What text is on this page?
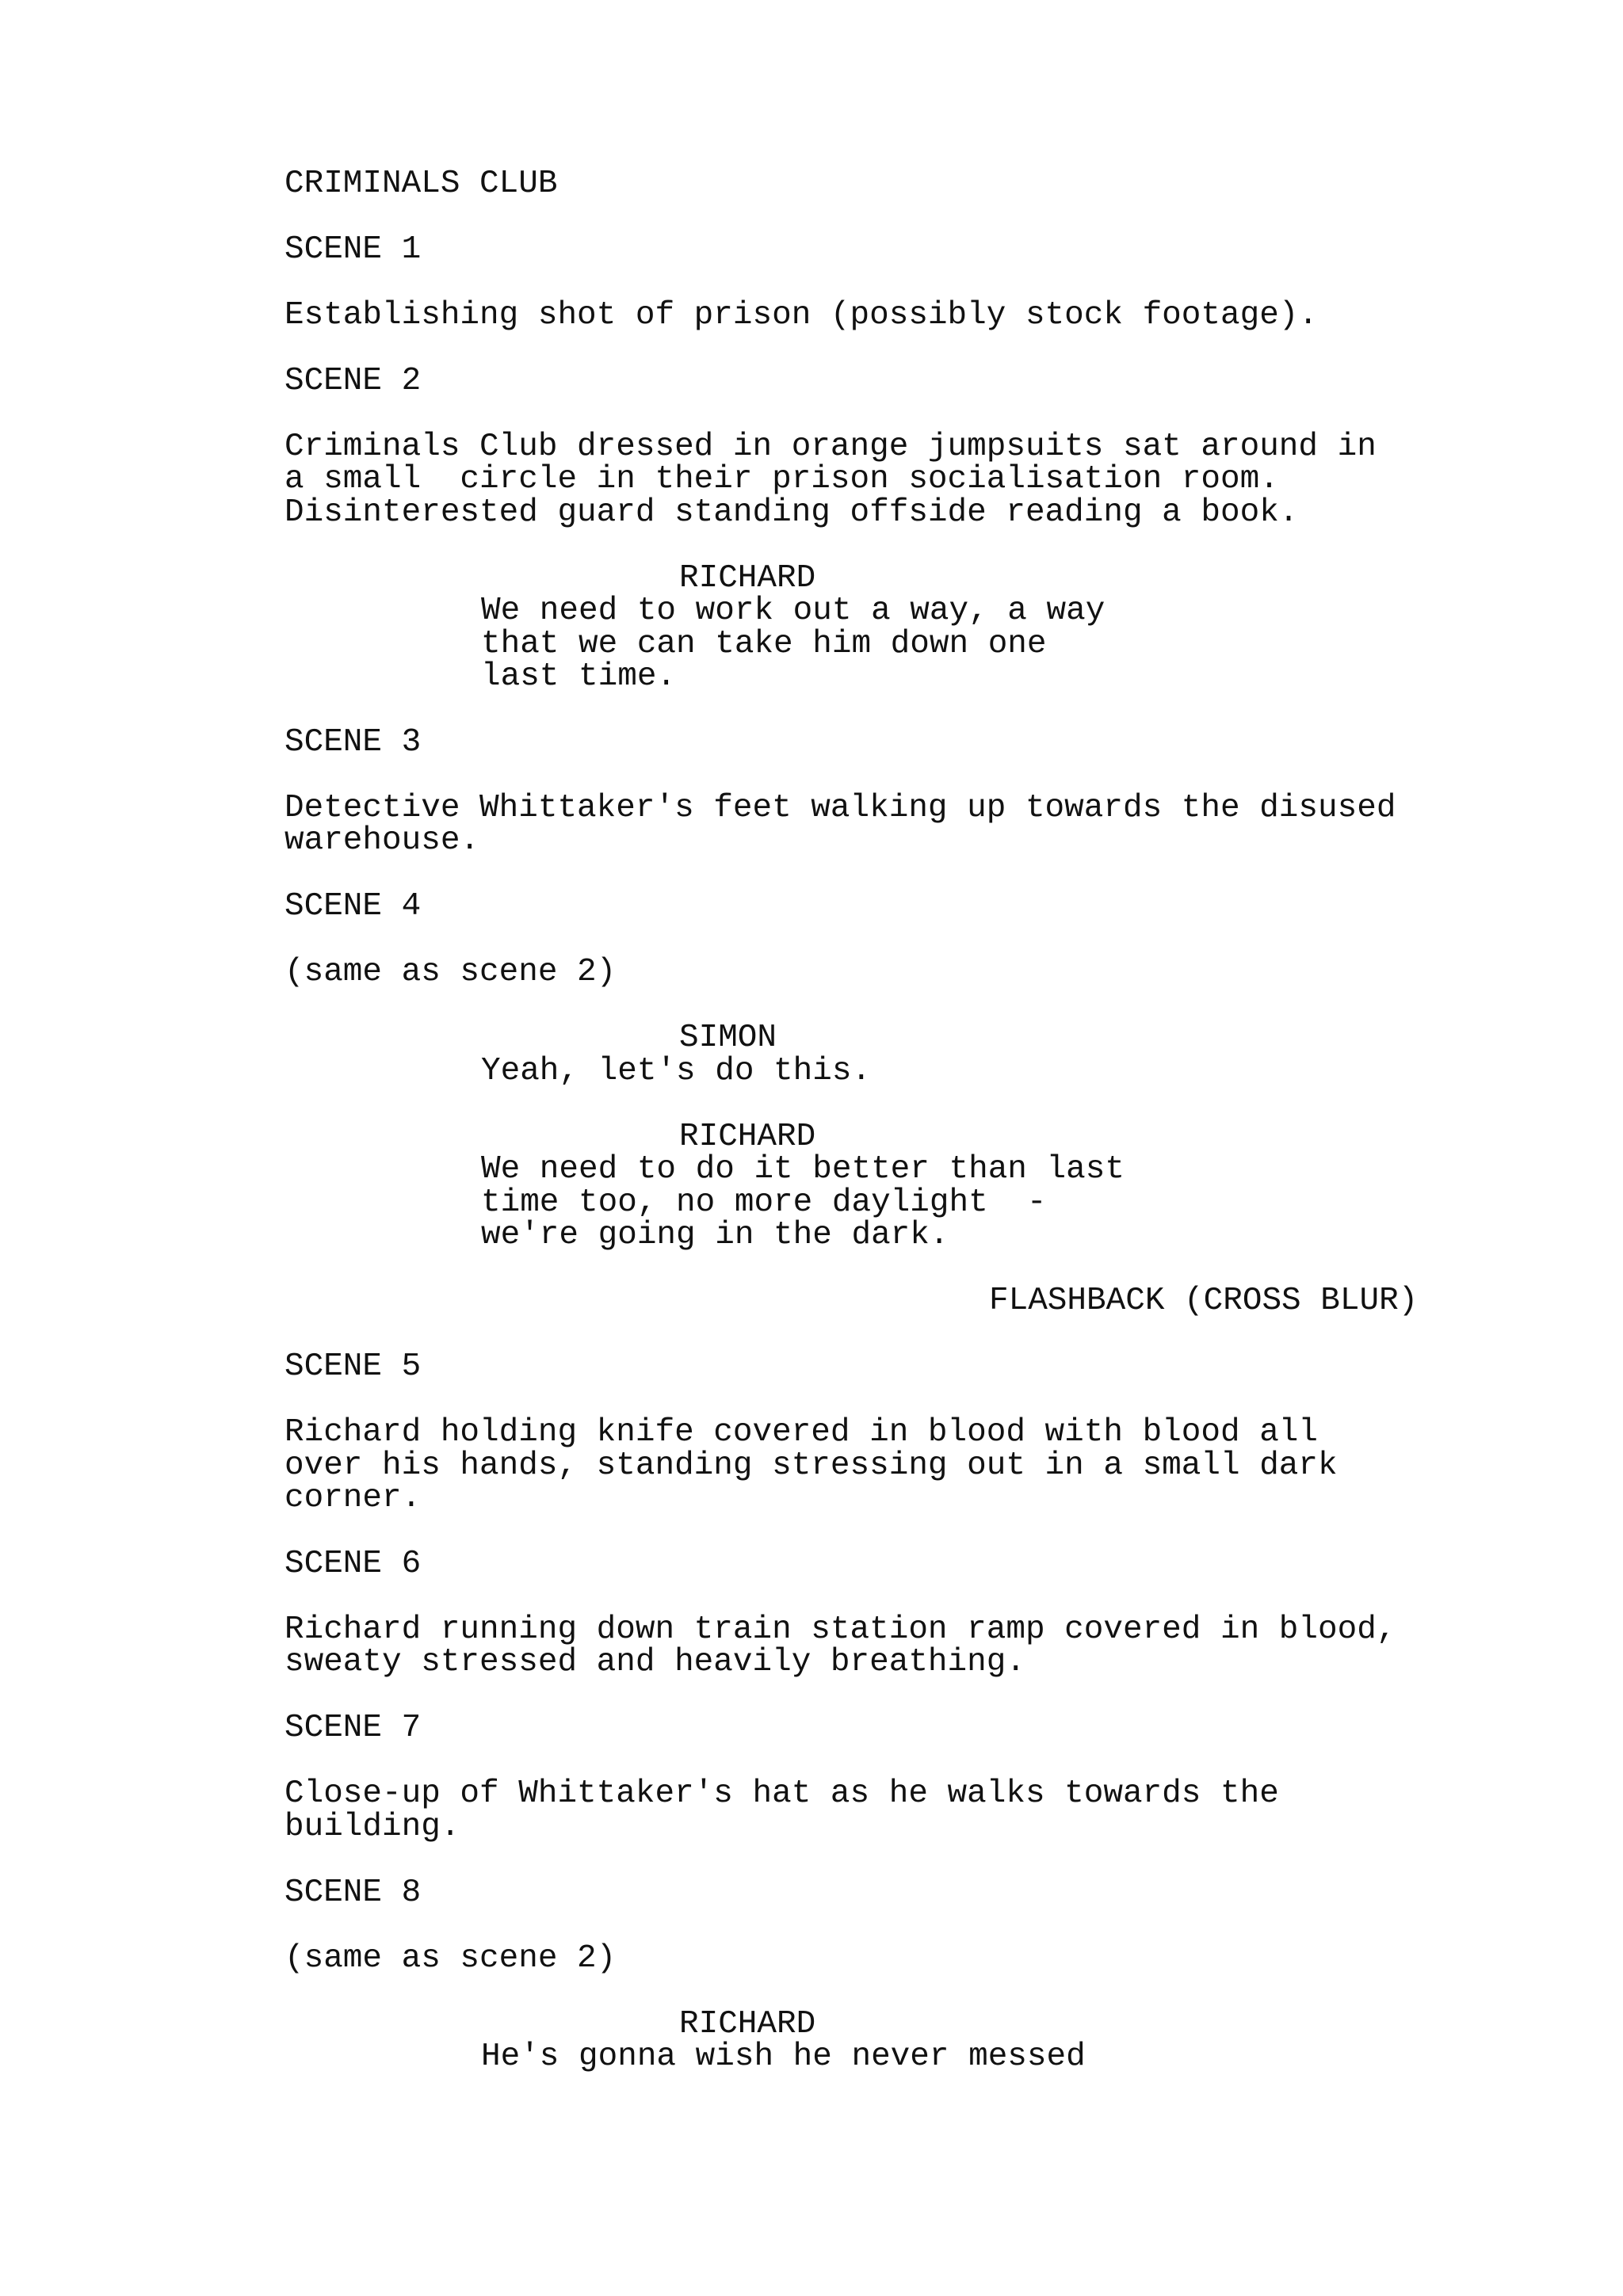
CRIMINALS CLUB

SCENE 1

Establishing shot of prison (possibly stock footage).

SCENE 2

Criminals Club dressed in orange jumpsuits sat around in

a small  circle in their prison socialisation room.

Disinterested guard standing offside reading a book.

RICHARD

We need to work out a way, a way

that we can take him down one

last time.

SCENE 3

Detective Whittaker's feet walking up towards the disused

warehouse.

SCENE 4

(same as scene 2)

SIMON

Yeah, let's do this.

RICHARD

We need to do it better than last

time too, no more daylight  -

we're going in the dark.

FLASHBACK (CROSS BLUR)

SCENE 5

Richard holding knife covered in blood with blood all

over his hands, standing stressing out in a small dark

corner.

SCENE 6

Richard running down train station ramp covered in blood,

sweaty stressed and heavily breathing.

SCENE 7

Close-up of Whittaker's hat as he walks towards the

building.

SCENE 8

(same as scene 2)

RICHARD

He's gonna wish he never messed
